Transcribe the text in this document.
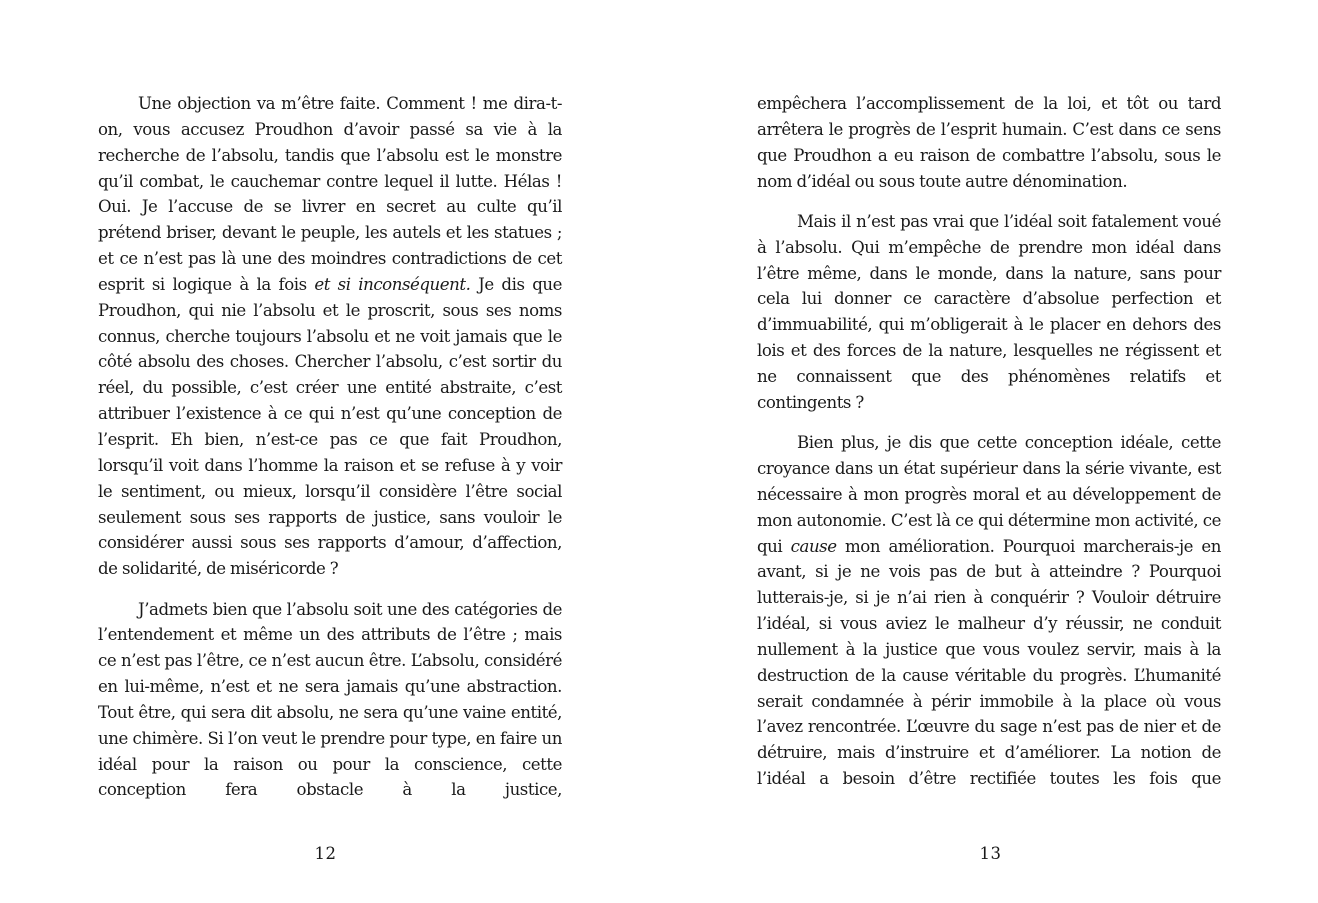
Une objection va m’être faite. Comment ! me dira-t-on, vous accusez Proudhon d’avoir passé sa vie à la recherche de l’absolu, tandis que l’absolu est le monstre qu’il combat, le cauchemar contre lequel il lutte. Hélas ! Oui. Je l’accuse de se livrer en secret au culte qu’il prétend briser, devant le peuple, les autels et les statues ; et ce n’est pas là une des moindres contradictions de cet esprit si logique à la fois et si inconséquent. Je dis que Proudhon, qui nie l’absolu et le proscrit, sous ses noms connus, cherche toujours l’absolu et ne voit jamais que le côté absolu des choses. Chercher l’absolu, c’est sortir du réel, du possible, c’est créer une entité abstraite, c’est attribuer l’existence à ce qui n’est qu’une conception de l’esprit. Eh bien, n’est-ce pas ce que fait Proudhon, lorsqu’il voit dans l’homme la raison et se refuse à y voir le sentiment, ou mieux, lorsqu’il considère l’être social seulement sous ses rapports de justice, sans vouloir le considérer aussi sous ses rapports d’amour, d’affection, de solidarité, de miséricorde ?

J’admets bien que l’absolu soit une des catégories de l’entendement et même un des attributs de l’être ; mais ce n’est pas l’être, ce n’est aucun être. L’absolu, considéré en lui-même, n’est et ne sera jamais qu’une abstraction. Tout être, qui sera dit absolu, ne sera qu’une vaine entité, une chimère. Si l’on veut le prendre pour type, en faire un idéal pour la raison ou pour la conscience, cette conception fera obstacle à la justice,

12

empêchera l’accomplissement de la loi, et tôt ou tard arrêtera le progrès de l’esprit humain. C’est dans ce sens que Proudhon a eu raison de combattre l’absolu, sous le nom d’idéal ou sous toute autre dénomination.

Mais il n’est pas vrai que l’idéal soit fatalement voué à l’absolu. Qui m’empêche de prendre mon idéal dans l’être même, dans le monde, dans la nature, sans pour cela lui donner ce caractère d’absolue perfection et d’immuabilité, qui m’obligerait à le placer en dehors des lois et des forces de la nature, lesquelles ne régissent et ne connaissent que des phénomènes relatifs et contingents ?

Bien plus, je dis que cette conception idéale, cette croyance dans un état supérieur dans la série vivante, est nécessaire à mon progrès moral et au développement de mon autonomie. C’est là ce qui détermine mon activité, ce qui cause mon amélioration. Pourquoi marcherais-je en avant, si je ne vois pas de but à atteindre ? Pourquoi lutterais-je, si je n’ai rien à conquérir ? Vouloir détruire l’idéal, si vous aviez le malheur d’y réussir, ne conduit nullement à la justice que vous voulez servir, mais à la destruction de la cause véritable du progrès. L’humanité serait condamnée à périr immobile à la place où vous l’avez rencontrée. L’œuvre du sage n’est pas de nier et de détruire, mais d’instruire et d’améliorer. La notion de l’idéal a besoin d’être rectifiée toutes les fois que

13
